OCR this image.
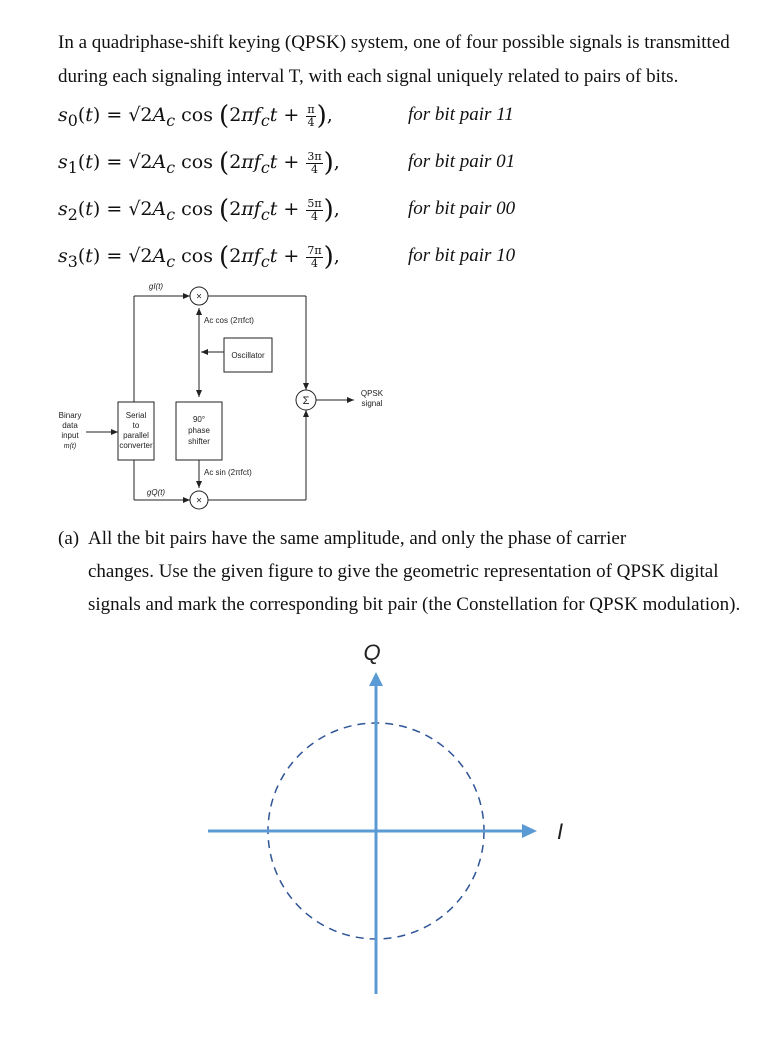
In a quadriphase-shift keying (QPSK) system, one of four possible signals is transmitted

during each signaling interval T, with each signal uniquely related to pairs of bits.

$s_0(t) = √2A_c$ $\cos (2\pi f_ct + \frac{\pi}{4}$ ),	for bit pair 11
$s_1(t) = √2A_c$ $\cos (2\pi f_ct + \frac{3\pi}{4}$ ),	for bit pair 01
$s_2(t) = √2A_c$ $\cos (2\pi f_ct + \frac{5\pi}{4}$ ),	for bit pair 00
$s_3(t) = √2A_c$ $\cos (2\pi f_ct + \frac{7\pi}{4}$ ),	for bit pair 10
×
×
Σ
gI(t)
gQ(t)
Ac cos (2πfct)
Ac sin (2πfct)
Oscillator
QPSK
signal
Binary
data
input
m(t)
Serial
to
parallel
converter
90°
phase
shifter

(a) All the bit pairs have the same amplitude, and only the phase of carrier

changes. Use the given figure to give the geometric representation of QPSK digital

signals and mark the corresponding bit pair (the Constellation for QPSK modulation).

Q
I
